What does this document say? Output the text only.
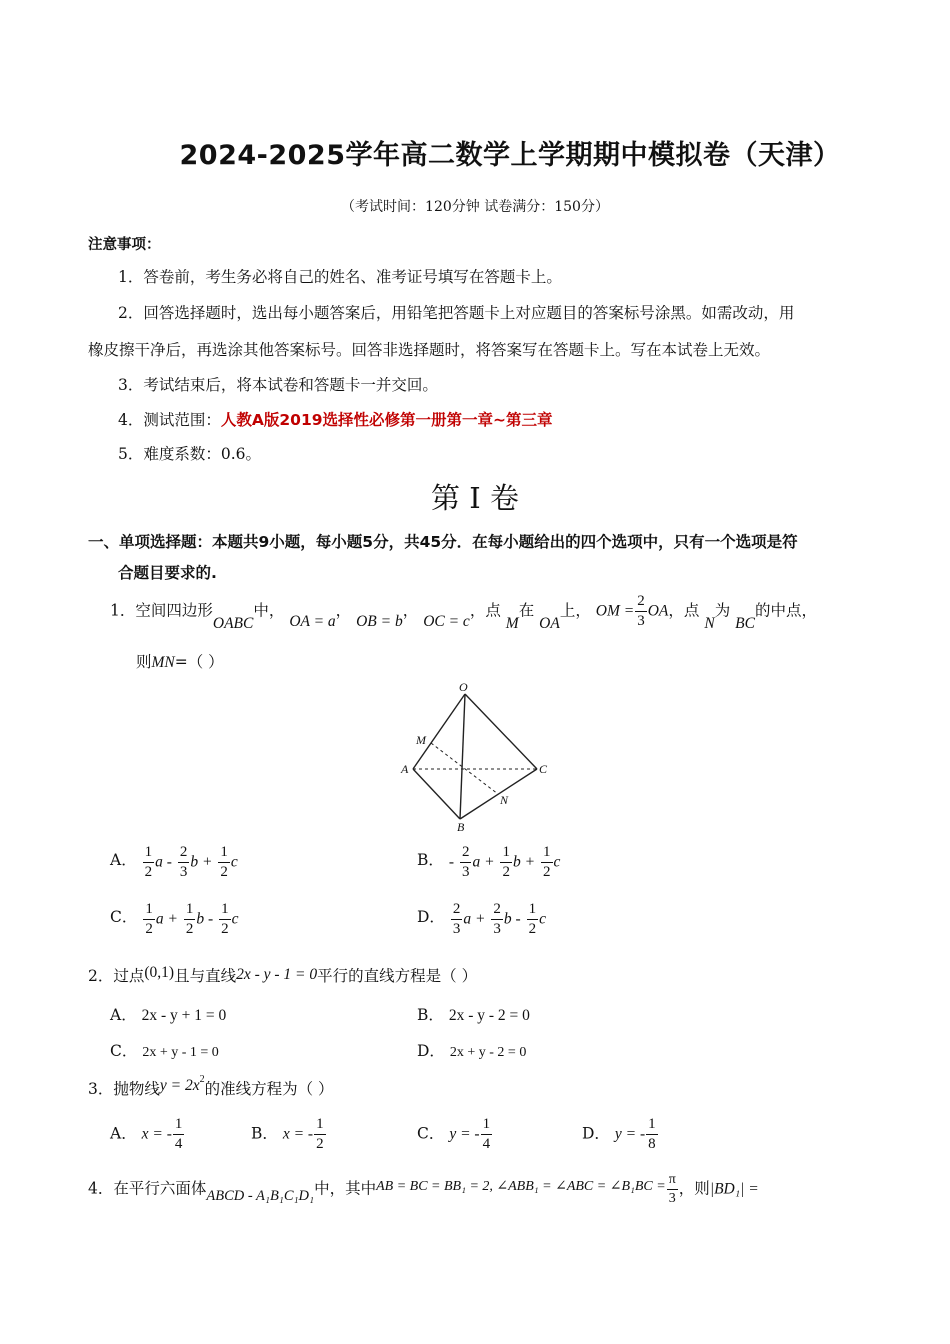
2024-2025学年高二数学上学期期中模拟卷（天津）
（考试时间：120分钟 试卷满分：150分）
注意事项：
1．答卷前，考生务必将自己的姓名、准考证号填写在答题卡上。
2．回答选择题时，选出每小题答案后，用铅笔把答题卡上对应题目的答案标号涂黑。如需改动，用
橡皮擦干净后，再选涂其他答案标号。回答非选择题时，将答案写在答题卡上。写在本试卷上无效。
3．考试结束后，将本试卷和答题卡一并交回。
4．测试范围：人教A版2019选择性必修第一册第一章~第三章
5．难度系数：0.6。
第 I 卷
一、单项选择题：本题共9小题，每小题5分，共45分．在每小题给出的四个选项中，只有一个选项是符
合题目要求的.
1．空间四边形OABC中， OA = a， OB = b， OC = c，点 M在 OA上， OM = $\frac{2}{3}$ OA，点 N为 BC的中点，
则MN=（ ）
O
M
A	C
N
B
A． $\frac{1}{2}$ a - $\frac{2}{3}$ $b + \frac{1}{2}$ c	B． - $\frac{2}{3}$ $a + \frac{1}{2}$ $b + \frac{1}{2}$ c
C． $\frac{1}{2}$ $a + \frac{1}{2}$ b - $\frac{1}{2}$ c	D． $\frac{2}{3}$ $a + \frac{2}{3}$ b - $\frac{1}{2}$ c
2．过点(0,1)且与直线2x - y - 1 = 0平行的直线方程是（ ）
A． 2x - y + 1 = 0	B． 2x - y - 2 = 0
C． 2x + y - 1 = 0	D． 2x + y - 2 = 0
3．抛物线$y = 2x^2$的准线方程为（ ）
A． x = - $\frac{1}{4}$	B． x = - $\frac{1}{2}$	C． y = - $\frac{1}{4}$	D． y = - $\frac{1}{8}$
4．在平行六面体ABCD - A₁B₁C₁D₁中，其中AB = BC = BB₁ = 2, ∠ABB₁ = ∠ABC = ∠B₁BC = $\frac{\pi}{3}$ ，则|BD₁| =
